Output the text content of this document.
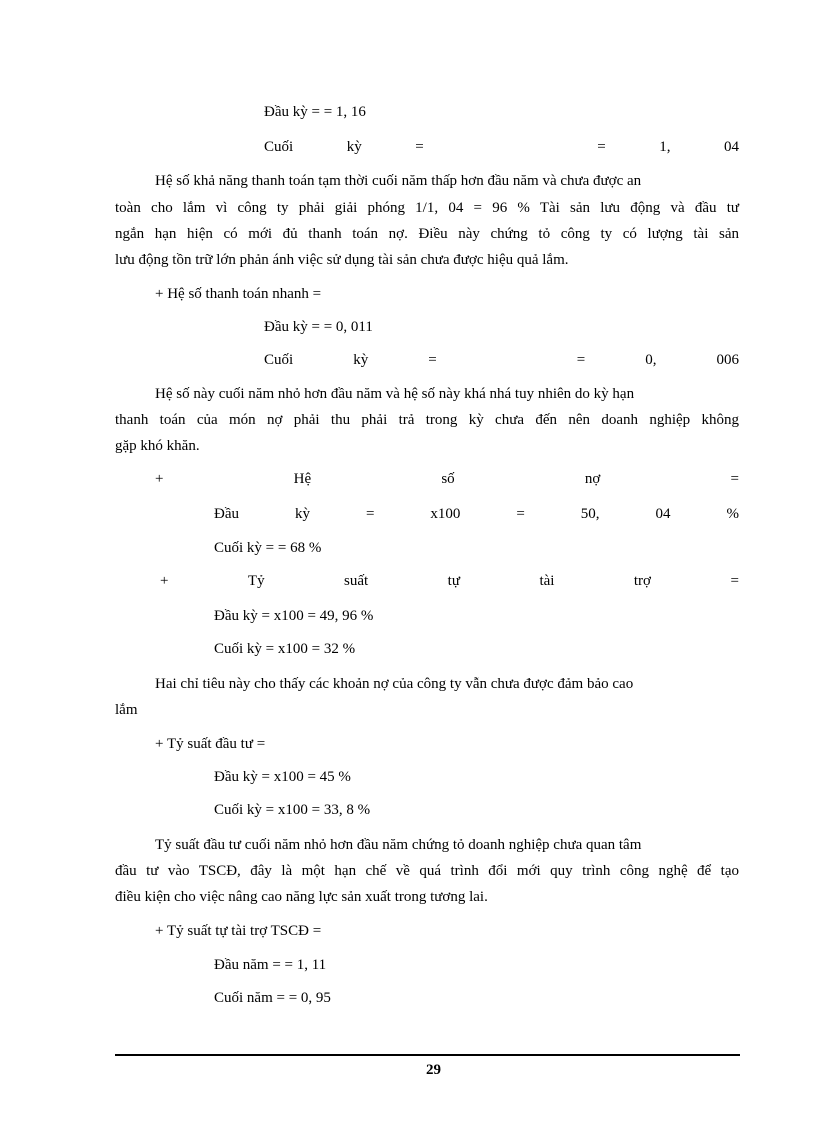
Đầu kỳ = = 1, 16
Cuối	kỳ	=	=	1,	04
Hệ số khả năng thanh toán tạm thời cuối năm thấp hơn đầu năm và chưa được an
toàn cho lắm vì công ty phải giải phóng 1/1, 04 = 96 % Tài sản lưu động và đầu tư
ngắn hạn hiện có mới đủ thanh toán nợ. Điều này chứng tỏ công ty có lượng tài sản
lưu động tồn trữ lớn phản ánh việc sử dụng tài sản chưa được hiệu quả lắm.
+ Hệ số thanh toán nhanh =
Đầu kỳ = = 0, 011
Cuối	kỳ	=	=	0,	006
Hệ số này cuối năm nhỏ hơn đầu năm và hệ số này khá nhá tuy nhiên do kỳ hạn
thanh toán của món nợ phải thu phải trả trong kỳ chưa đến nên doanh nghiệp không
gặp khó khăn.
+	Hệ	số	nợ	=
Đầu	kỳ	=	x100	=	50,	04	%
Cuối kỳ = = 68 %
+	Tỷ	suất	tự	tài	trợ	=
Đầu kỳ = x100 = 49, 96 %
Cuối kỳ = x100 = 32 %
Hai chỉ tiêu này cho thấy các khoản nợ của công ty vẫn chưa được đảm bảo cao
lắm
+ Tỷ suất đầu tư =
Đầu kỳ = x100 = 45 %
Cuối kỳ = x100 = 33, 8 %
Tỷ suất đầu tư cuối năm nhỏ hơn đầu năm chứng tỏ doanh nghiệp chưa quan tâm
đầu tư vào TSCĐ, đây là một hạn chế về quá trình đổi mới quy trình công nghệ để tạo
điều kiện cho việc nâng cao năng lực sản xuất trong tương lai.
+ Tỷ suất tự tài trợ TSCĐ =
Đầu năm = = 1, 11
Cuối năm = = 0, 95
29
